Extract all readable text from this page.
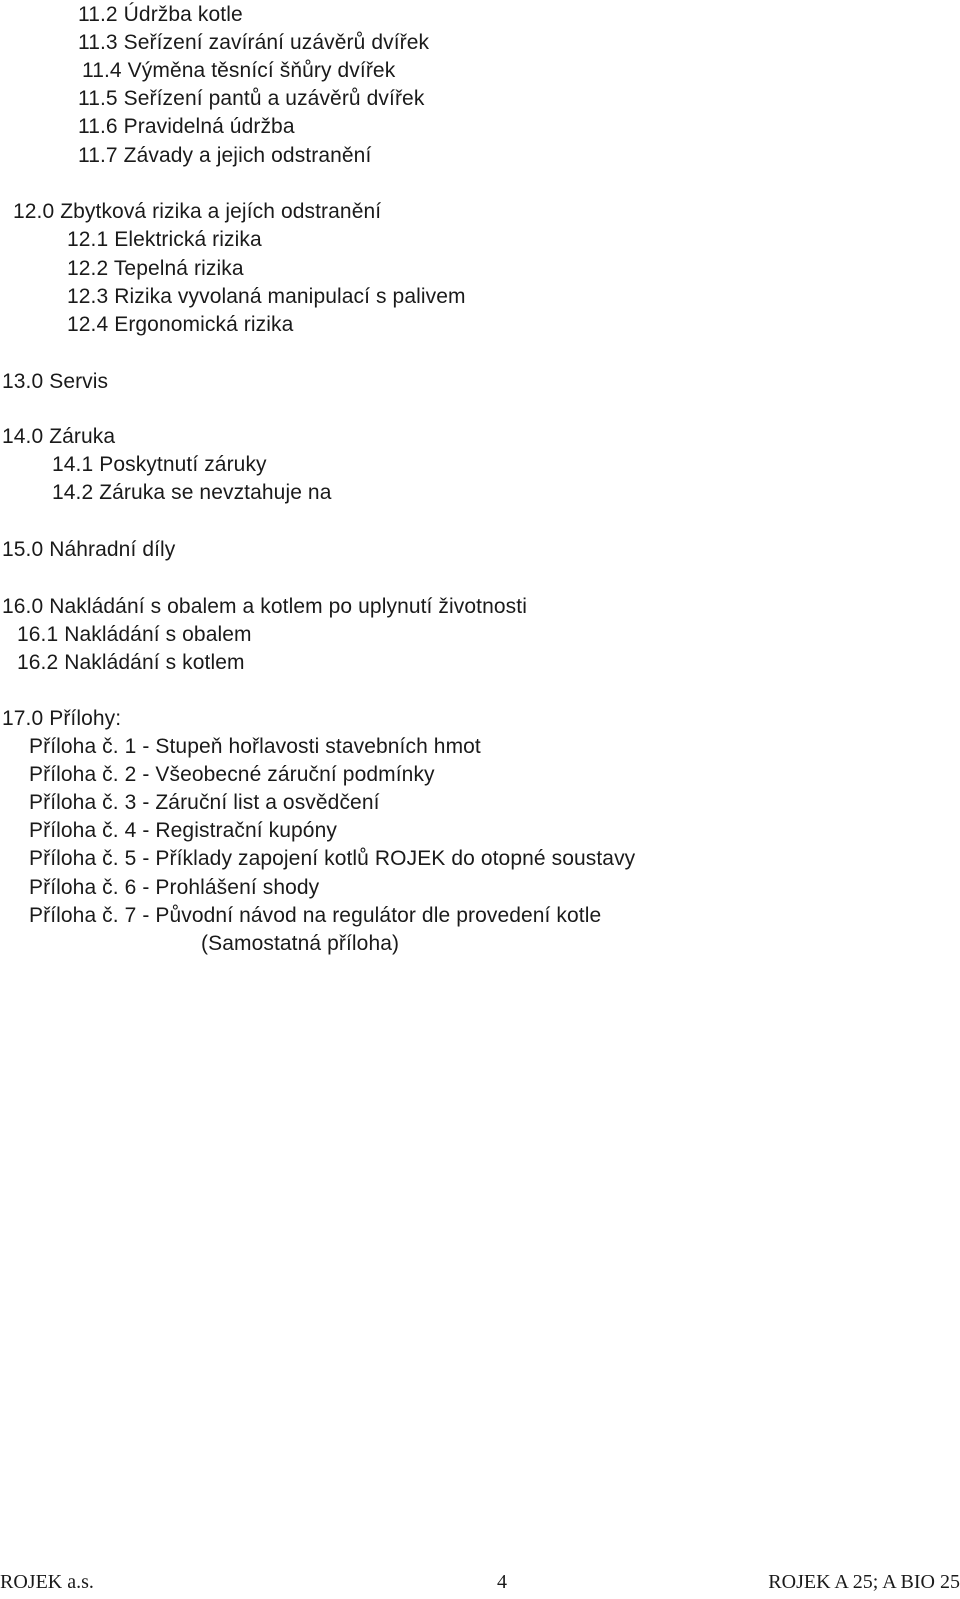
11.2 Údržba kotle
11.3 Seřízení zavírání uzávěrů dvířek
11.4 Výměna těsnící šňůry dvířek
11.5 Seřízení pantů a uzávěrů dvířek
11.6 Pravidelná údržba
11.7 Závady a jejich odstranění
12.0 Zbytková rizika a jejích odstranění
12.1 Elektrická rizika
12.2 Tepelná rizika
12.3 Rizika vyvolaná manipulací s palivem
12.4 Ergonomická rizika
13.0 Servis
14.0 Záruka
14.1 Poskytnutí záruky
14.2 Záruka se nevztahuje na
15.0 Náhradní díly
16.0 Nakládání s obalem a kotlem po uplynutí životnosti
16.1 Nakládání s obalem
16.2 Nakládání s kotlem
17.0 Přílohy:
Příloha č. 1 - Stupeň hořlavosti stavebních hmot
Příloha č. 2 - Všeobecné záruční podmínky
Příloha č. 3 - Záruční list a osvědčení
Příloha č. 4 - Registrační kupóny
Příloha č. 5 - Příklady zapojení kotlů ROJEK do otopné soustavy
Příloha č. 6 - Prohlášení shody
Příloha č. 7 - Původní návod na regulátor dle provedení kotle
(Samostatná příloha)
ROJEK a.s.	4	ROJEK A 25; A BIO 25
